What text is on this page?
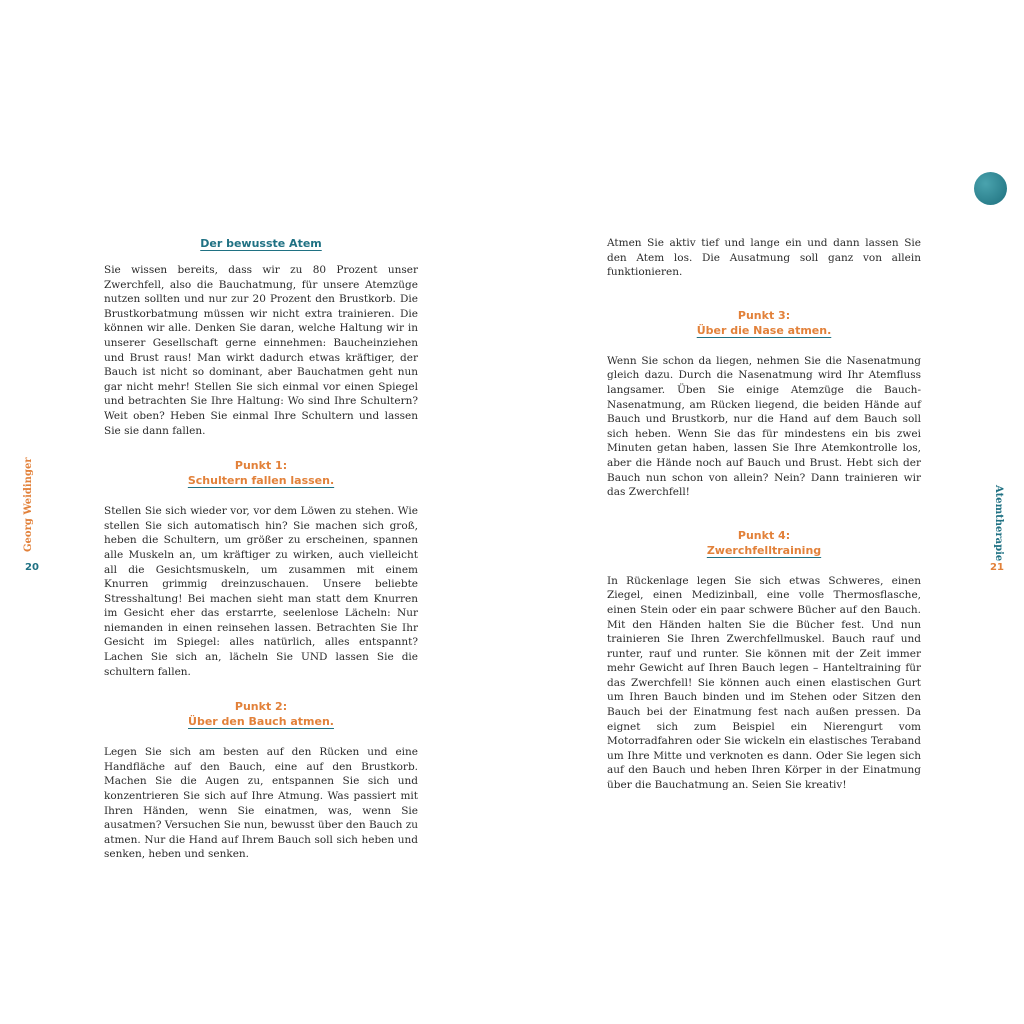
Georg Weidinger
20
Der bewusste Atem

Sie wissen bereits, dass wir zu 80 Prozent unser Zwerchfell, also die Bauchatmung, für unsere Atemzüge nutzen sollten und nur zur 20 Prozent den Brustkorb. Die Brustkorbatmung müssen wir nicht extra trainieren. Die können wir alle. Denken Sie daran, welche Haltung wir in unserer Gesellschaft gerne einnehmen: Baucheinziehen und Brust raus! Man wirkt dadurch etwas kräftiger, der Bauch ist nicht so dominant, aber Bauchatmen geht nun gar nicht mehr! Stellen Sie sich einmal vor einen Spiegel und betrachten Sie Ihre Haltung: Wo sind Ihre Schultern? Weit oben? Heben Sie einmal Ihre Schultern und lassen Sie sie dann fallen.

Punkt 1:
Schultern fallen lassen.

Stellen Sie sich wieder vor, vor dem Löwen zu stehen. Wie stellen Sie sich automatisch hin? Sie machen sich groß, heben die Schultern, um größer zu erscheinen, spannen alle Muskeln an, um kräftiger zu wirken, auch vielleicht all die Gesichtsmuskeln, um zusammen mit einem Knurren grimmig dreinzuschauen. Unsere beliebte Stresshaltung! Bei machen sieht man statt dem Knurren im Gesicht eher das erstarrte, seelenlose Lächeln: Nur niemanden in einen reinsehen lassen. Betrachten Sie Ihr Gesicht im Spiegel: alles natürlich, alles entspannt? Lachen Sie sich an, lächeln Sie UND lassen Sie die schultern fallen.

Punkt 2:
Über den Bauch atmen.

Legen Sie sich am besten auf den Rücken und eine Handfläche auf den Bauch, eine auf den Brustkorb. Machen Sie die Augen zu, entspannen Sie sich und konzentrieren Sie sich auf Ihre Atmung. Was passiert mit Ihren Händen, wenn Sie einatmen, was, wenn Sie ausatmen? Versuchen Sie nun, bewusst über den Bauch zu atmen. Nur die Hand auf Ihrem Bauch soll sich heben und senken, heben und senken.

Atemtherapie
21

Atmen Sie aktiv tief und lange ein und dann lassen Sie den Atem los. Die Ausatmung soll ganz von allein funktionieren.

Punkt 3:
Über die Nase atmen.

Wenn Sie schon da liegen, nehmen Sie die Nasenatmung gleich dazu. Durch die Nasenatmung wird Ihr Atemfluss langsamer. Üben Sie einige Atemzüge die Bauch-Nasenatmung, am Rücken liegend, die beiden Hände auf Bauch und Brustkorb, nur die Hand auf dem Bauch soll sich heben. Wenn Sie das für mindestens ein bis zwei Minuten getan haben, lassen Sie Ihre Atemkontrolle los, aber die Hände noch auf Bauch und Brust. Hebt sich der Bauch nun schon von allein? Nein? Dann trainieren wir das Zwerchfell!

Punkt 4:
Zwerchfelltraining

In Rückenlage legen Sie sich etwas Schweres, einen Ziegel, einen Medizinball, eine volle Thermosflasche, einen Stein oder ein paar schwere Bücher auf den Bauch. Mit den Händen halten Sie die Bücher fest. Und nun trainieren Sie Ihren Zwerchfellmuskel. Bauch rauf und runter, rauf und runter. Sie können mit der Zeit immer mehr Gewicht auf Ihren Bauch legen – Hanteltraining für das Zwerchfell! Sie können auch einen elastischen Gurt um Ihren Bauch binden und im Stehen oder Sitzen den Bauch bei der Einatmung fest nach außen pressen. Da eignet sich zum Beispiel ein Nierengurt vom Motorradfahren oder Sie wickeln ein elastisches Teraband um Ihre Mitte und verknoten es dann. Oder Sie legen sich auf den Bauch und heben Ihren Körper in der Einatmung über die Bauchatmung an. Seien Sie kreativ!
